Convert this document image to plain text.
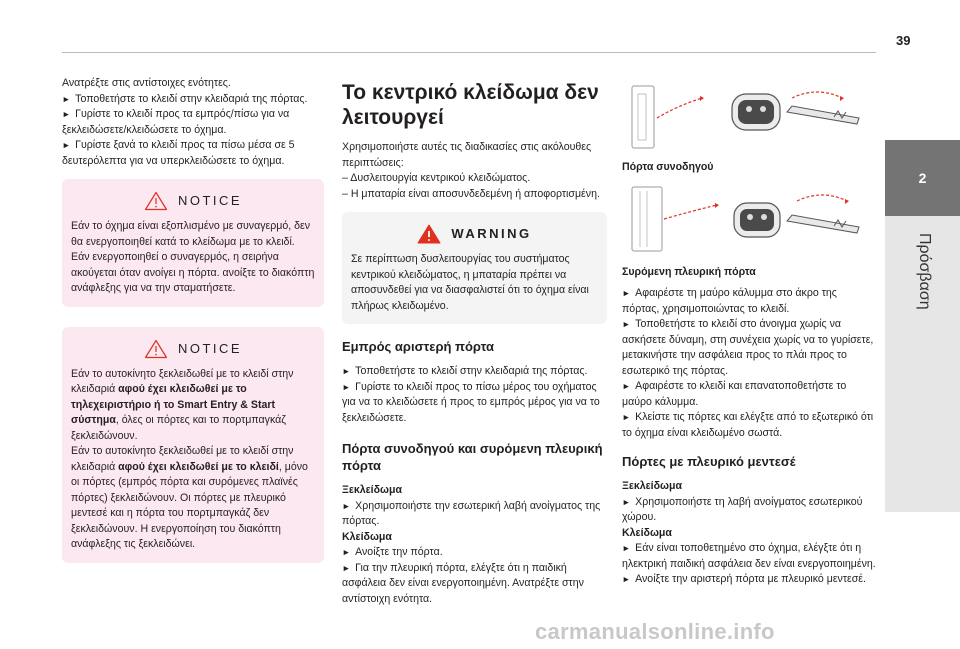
39
2
Πρόσβαση

Ανατρέξτε στις αντίστοιχες ενότητες.

►  Τοποθετήστε το κλειδί στην κλειδαριά της πόρτας.

►  Γυρίστε το κλειδί προς τα εμπρός/πίσω για να ξεκλειδώσετε/κλειδώσετε το όχημα.

►  Γυρίστε ξανά το κλειδί προς τα πίσω μέσα σε 5 δευτερόλεπτα για να υπερκλειδώσετε το όχημα.

NOTICE

Εάν το όχημα είναι εξοπλισμένο με συναγερμό, δεν θα ενεργοποιηθεί κατά το κλείδωμα με το κλειδί. Εάν ενεργοποιηθεί ο συναγερμός, η σειρήνα ακούγεται όταν ανοίγει η πόρτα. ανοίξτε το διακόπτη ανάφλεξης για να την σταματήσετε.

NOTICE

Εάν το αυτοκίνητο ξεκλειδωθεί με το κλειδί στην κλειδαριά αφού έχει κλειδωθεί με το τηλεχειριστήριο ή το Smart Entry & Start σύστημα, όλες οι πόρτες και το πορτμπαγκάζ ξεκλειδώνουν.

Εάν το αυτοκίνητο ξεκλειδωθεί με το κλειδί στην κλειδαριά αφού έχει κλειδωθεί με το κλειδί, μόνο οι πόρτες (εμπρός πόρτα και συρόμενες πλαϊνές πόρτες) ξεκλειδώνουν. Οι πόρτες με πλευρικό μεντεσέ και η πόρτα του πορτμπαγκάζ δεν ξεκλειδώνουν. Η ενεργοποίηση του διακόπτη ανάφλεξης τις ξεκλειδώνει.

Το κεντρικό κλείδωμα δεν λειτουργεί

Χρησιμοποιήστε αυτές τις διαδικασίες στις ακόλουθες περιπτώσεις:

– Δυσλειτουργία κεντρικού κλειδώματος.

– Η μπαταρία είναι αποσυνδεδεμένη ή αποφορτισμένη.

WARNING

Σε περίπτωση δυσλειτουργίας του συστήματος κεντρικού κλειδώματος, η μπαταρία πρέπει να αποσυνδεθεί για να διασφαλιστεί ότι το όχημα είναι πλήρως κλειδωμένο.

Εμπρός αριστερή πόρτα

►  Τοποθετήστε το κλειδί στην κλειδαριά της πόρτας.

►  Γυρίστε το κλειδί προς το πίσω μέρος του οχήματος για να το κλειδώσετε ή προς το εμπρός μέρος για να το ξεκλειδώσετε.

Πόρτα συνοδηγού και συρόμενη πλευρική πόρτα

Ξεκλείδωμα

►  Χρησιμοποιήστε την εσωτερική λαβή ανοίγματος της πόρτας.

Κλείδωμα

►  Ανοίξτε την πόρτα.

►  Για την πλευρική πόρτα, ελέγξτε ότι η παιδική ασφάλεια δεν είναι ενεργοποιημένη. Ανατρέξτε στην αντίστοιχη ενότητα.

Πόρτα συνοδηγού

Συρόμενη πλευρική πόρτα

►  Αφαιρέστε τη μαύρο κάλυμμα στο άκρο της πόρτας, χρησιμοποιώντας το κλειδί.

►  Τοποθετήστε το κλειδί στο άνοιγμα χωρίς να ασκήσετε δύναμη, στη συνέχεια χωρίς να το γυρίσετε, μετακινήστε την ασφάλεια προς το πλάι προς το εσωτερικό της πόρτας.

►  Αφαιρέστε το κλειδί και επανατοποθετήστε το μαύρο κάλυμμα.

►  Κλείστε τις πόρτες και ελέγξτε από το εξωτερικό ότι το όχημα είναι κλειδωμένο σωστά.

Πόρτες με πλευρικό μεντεσέ

Ξεκλείδωμα

►  Χρησιμοποιήστε τη λαβή ανοίγματος εσωτερικού χώρου.

Κλείδωμα

►  Εάν είναι τοποθετημένο στο όχημα, ελέγξτε ότι η ηλεκτρική παιδική ασφάλεια δεν είναι ενεργοποιημένη.

►  Ανοίξτε την αριστερή πόρτα με πλευρικό μεντεσέ.

carmanualsonline.info
